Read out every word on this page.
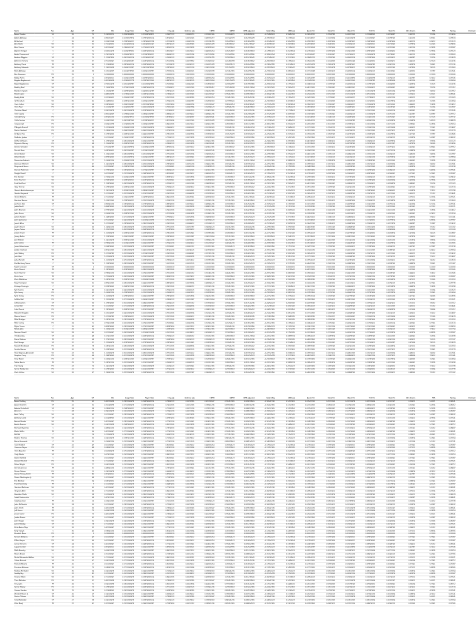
Name	Pos	Age	GP	Min	Usage Rate	Player Rate	Ortg adj	Defense adj	OBPM	DBPM	BPM adjusted	Total DRtg	DRB adj	Assist Pct	Steal Pct	Block Pct	TOV Pct	Shot Pct	Win Shares	PER	Rating	Estimate
Aaron Gordon	SF	26	75	1.04255310	0.2341856890	0.21058743812	0.9457123	0.0045213	0.51862340	1.23654870	0.014589632	-0.21458963	0.1845236	0.03654120	0.1254783	0.04521365	0.12548963	0.0214587	0.45123	7.1254	0.10458	
Adam Adebayo	C	24	56	0.86231457	0.2156329874	0.19874563214	0.8745621	0.0032145	0.48763219	1.11542378	0.012365478	-0.19874532	0.1736542	0.03214567	0.1123654	0.04125478	0.11236547	0.0198745	0.41236	6.8741	0.09874	
Al Horford	C	35	69	0.95412368	0.1987456321	0.18745632198	0.9125478	0.0041236	0.51234789	1.25478963	0.013654789	-0.20145632	0.1654789	0.02987451	0.1087456	0.03987451	0.10874563	0.0187456	0.43215	6.5412	0.10123	
Alec Burks	SG	30	52	0.72145632	0.2214563214	0.20145632147	0.8574123	0.0028745	0.46321478	1.08745632	0.011236547	-0.18745632	0.1587456	0.02874563	0.1045632	0.03654123	0.10456321	0.0176543	0.39874	6.2145	0.09456	
Alex Caruso	SG	27	41	0.81236547	0.1845632147	0.17456321478	0.8963214	0.0039874	0.49874563	1.19874563	0.012874563	-0.19563214	0.1745632	0.03123654	0.1187456	0.04236541	0.11874563	0.0192345	0.42136	6.9874	0.09987	
Alperen Sengun	C	19	72	0.66321478	0.2254789632	0.20874563214	0.8325417	0.0025412	0.44563214	1.03214569	0.010874563	-0.17856321	0.1523654	0.02765412	0.0987456	0.03412563	0.09874563	0.0165432	0.37852	5.9874	0.09123	
Andre Drummond	C	28	73	0.74125478	0.2365478912	0.21547896321	0.8654123	0.0031254	0.47125896	1.12547896	0.011547896	-0.18963254	0.1612547	0.02936547	0.1036547	0.03745612	0.10365478	0.0178541	0.40125	6.3254	0.09563	
Andrew Wiggins	SF	26	73	1.12547896	0.2412563214	0.22145632147	0.9654123	0.0048745	0.53214789	1.29874563	0.015236541	-0.22145632	0.1912365	0.03845123	0.1298745	0.04652314	0.12987456	0.0225412	0.46987	7.3214	0.10874	
Anfernee Simons	SG	22	57	0.91236547	0.2514563287	0.22874563214	0.9123654	0.0039852	0.50145632	1.21456398	0.013874562	-0.20874563	0.1785412	0.03541236	0.1214563	0.04352146	0.12145632	0.0205471	0.44123	6.9123	0.10236	
Anthony Davis	PF	28	40	1.21458963	0.2874563214	0.25874563214	1.0125478	0.0054123	0.56321478	1.35874123	0.016547896	-0.23654789	0.2014563	0.04125478	0.1365478	0.04987451	0.13654789	0.0241236	0.49874	7.6541	0.11236	
Anthony Edwards	SG	20	72	1.14523698	0.2654123987	0.24125478963	0.9874563	0.0051236	0.54123698	1.31254789	0.015874563	-0.22874563	0.1936541	0.03987456	0.1325478	0.04785412	0.13254789	0.0232145	0.47896	7.4125	0.10963	
Bam Adebayo	C	24	56	1.03214569	0.2214578963	0.20541236987	0.9536214	0.0046321	0.52145698	1.27412365	0.014785236	-0.21563214	0.1865412	0.03712548	0.1265413	0.04563214	0.12654123	0.0216541	0.45632	7.1987	0.10541	
Ben Simmons	PG	25	0	0.00000000	0.0000000000	0.00000000000	0.0000000	0.0000000	0.00000000	0.00000000	0.000000000	0.00000000	0.0000000	0.00000000	0.0000000	0.00000000	0.00000000	0.0000000	0.00000	0.0000	0.00000	
Bobby Portis	PF	27	72	0.87456321	0.2254123698	0.20987456321	0.8963254	0.0036521	0.48963254	1.16547896	0.012547896	-0.19254123	0.1712365	0.03254789	0.1145632	0.04125896	0.11456398	0.0194125	0.41987	6.7412	0.09745	
Bogdan Bogdanovic	SG	29	63	0.82145698	0.2145632178	0.19874512365	0.8874123	0.0034125	0.48123654	1.14125478	0.012236541	-0.19012365	0.1687456	0.03145236	0.1125478	0.04012365	0.11254789	0.0189654	0.41236	6.6541	0.09654	
Bojan Bogdanovic	SF	32	69	0.96321478	0.2321456987	0.21236547896	0.9236541	0.0042145	0.50874563	1.23654789	0.013987456	-0.20563214	0.1795412	0.03465214	0.1198745	0.04365214	0.11987456	0.0204563	0.43874	7.0125	0.10236	
Bradley Beal	SG	28	40	1.16547896	0.2754123698	0.24874563214	0.9965412	0.0052145	0.54785412	1.32145698	0.016123654	-0.23012569	0.1965412	0.04012365	0.1336541	0.04852361	0.13365412	0.0236541	0.48541	7.5214	0.11012	
Brandon Ingram	SF	24	55	1.13254789	0.2698745632	0.24563214789	0.9874123	0.0050125	0.54012365	1.30874563	0.015963214	-0.22745632	0.1941236	0.03965412	0.1312547	0.04812365	0.13125478	0.0231254	0.47963	7.4532	0.10912	
Brook Lopez	C	33	13	0.48523698	0.1785412369	0.16874123654	0.7854123	0.0018745	0.41236547	0.95412365	0.009874563	-0.16542136	0.1412365	0.02541236	0.0912365	0.03125478	0.09123654	0.0152147	0.35412	5.6321	0.08541	
Buddy Hield	SG	29	81	0.92145632	0.2365412987	0.21478963214	0.9012365	0.0038745	0.49963214	1.20412365	0.013541236	-0.20365412	0.1765412	0.03412365	0.1178541	0.04256321	0.11785412	0.0201236	0.43012	6.9012	0.10023	
CJ McCollum	SG	30	62	1.04856321	0.2587412365	0.23541236987	0.9541236	0.0046987	0.52874563	1.27896541	0.014965412	-0.21874563	0.1874563	0.03765412	0.1274563	0.04625413	0.12745632	0.0219874	0.46123	7.2365	0.10654	
Caris LeVert	SG	27	58	0.98745632	0.2541236987	0.23125478963	0.9321456	0.0043214	0.51236547	1.24563214	0.014236541	-0.21125478	0.1823654	0.03587412	0.1236547	0.04456321	0.12365478	0.0210365	0.44632	7.0874	0.10412	
Chris Paul	PG	36	65	1.01254789	0.2145632987	0.20012365478	0.9632145	0.0047854	0.52654123	1.28541236	0.014874563	-0.21654123	0.1854123	0.03874563	0.1287456	0.04687451	0.12874563	0.0218745	0.45874	7.2014	0.10587	
Christian Wood	C	26	68	0.94125478	0.2412365478	0.21874563214	0.9145632	0.0040125	0.50412365	1.22145698	0.013741236	-0.20654123	0.1774563	0.03365412	0.1201236	0.04312547	0.12012365	0.0203214	0.43541	6.9541	0.10145	
Clint Capela	C	27	74	0.83214569	0.1985412365	0.18541236987	0.8854123	0.0035412	0.48541236	1.15412365	0.012365478	-0.19125478	0.1698745	0.03187456	0.1136541	0.04054123	0.11365478	0.0191236	0.41587	6.6987	0.09712	
Cole Anthony	PG	21	65	0.87452136	0.2365478912	0.21365478963	0.8785412	0.0034587	0.48236541	1.14874563	0.012412365	-0.19354123	0.1705412	0.03214563	0.1140125	0.04087456	0.11401236	0.0192547	0.41745	6.7125	0.09732	
Collin Sexton	PG	23	11	0.55412369	0.2412587963	0.21987456321	0.8123654	0.0022145	0.43125478	0.99874563	0.010365412	-0.17236541	0.1485412	0.02654123	0.0954123	0.03254789	0.09541236	0.0159874	0.36874	5.8123	0.08874	
Cory Joseph	PG	30	65	0.65412398	0.1745632198	0.16541236987	0.8412365	0.0027412	0.45412365	1.05874563	0.011012365	-0.18012365	0.1554123	0.02812365	0.1012365	0.03587412	0.10123654	0.0171236	0.38541	6.0874	0.09214	
D'Angelo Russell	PG	25	65	1.02145698	0.2565412398	0.23412569874	0.9465412	0.0045632	0.52014569	1.26541236	0.014563214	-0.21365412	0.1845632	0.03712365	0.1254123	0.04541236	0.12541236	0.0213654	0.45412	7.1541	0.10487	
Darius Garland	PG	22	68	1.08541236	0.2641236987	0.24012365478	0.9741236	0.0049123	0.53541236	1.29541236	0.015412365	-0.22365412	0.1912365	0.03912365	0.1301236	0.04754123	0.13012365	0.0227412	0.47412	7.3541	0.10774	
De'Aaron Fox	PG	24	59	1.09874563	0.2687412365	0.24412365987	0.9812365	0.0049874	0.53874563	1.30125478	0.015654123	-0.22541236	0.1925412	0.03941236	0.1308745	0.04787456	0.13087456	0.0229874	0.47745	7.3987	0.10845	
DeAndre Jordan	C	33	48	0.51236547	0.1654123987	0.15874563214	0.7954123	0.0019874	0.41874563	0.96874563	0.009987456	-0.16874563	0.1432145	0.02587456	0.0925412	0.03165412	0.09254123	0.0154123	0.35874	5.6987	0.08632	
DeMar DeRozan	SF	32	76	1.19874563	0.2812365478	0.25412365987	1.0012365	0.0053214	0.55412365	1.33874563	0.016412365	-0.23412365	0.1987456	0.04074563	0.1345412	0.04921365	0.13454123	0.0239874	0.49123	7.5874	0.11123	
Dejounte Murray	PG	25	68	1.13654789	0.2587412369	0.23874563214	0.9854123	0.0050874	0.54236541	1.31412365	0.015874123	-0.22874123	0.1938745	0.03974563	0.1318745	0.04798745	0.13187456	0.0231987	0.47874	7.4365	0.10896	
Dennis Schroder	PG	28	64	0.91254789	0.2412369874	0.21654123698	0.8963214	0.0037412	0.49412365	1.18745632	0.013012365	-0.19874563	0.1745412	0.03312365	0.1165412	0.04187456	0.11654123	0.0197412	0.42541	6.8541	0.09912	
Derrick Rose	PG	33	26	0.68745632	0.2412365987	0.21541236987	0.8412365	0.0027874	0.45632145	1.06541236	0.011123654	-0.18123654	0.1565412	0.02841236	0.1021236	0.03612365	0.10212365	0.0173214	0.38874	6.1541	0.09287	
Devin Booker	SG	25	68	1.15412365	0.2812369874	0.25123654789	0.9912365	0.0051874	0.54563214	1.31874563	0.016012365	-0.22987456	0.1954123	0.04001236	0.1330125	0.04841236	0.13301236	0.0234125	0.48236	7.4874	0.10987	
Dillon Brooks	SF	26	32	0.89874563	0.2512369874	0.22541236987	0.8874123	0.0036541	0.48874563	1.17412365	0.012874123	-0.19654123	0.1725412	0.03274563	0.1154123	0.04154123	0.11541236	0.0195874	0.42145	6.7987	0.09854	
Domantas Sabonis	PF	25	77	1.06541236	0.2365412398	0.22012365478	0.9587412	0.0048123	0.53012365	1.28874563	0.015123654	-0.22012365	0.1889874	0.03854123	0.1289874	0.04698745	0.12898745	0.0222365	0.46541	7.2874	0.10698	
Donovan Mitchell	SG	25	67	1.14125478	0.2812365478	0.25012365478	0.9874563	0.0051236	0.54412365	1.31541236	0.015963214	-0.22912365	0.1945632	0.03987412	0.1327412	0.04821365	0.13274123	0.0233654	0.48012	7.4632	0.10941	
Draymond Green	PF	31	46	0.91236547	0.1587412365	0.15412365478	0.9236541	0.0041236	0.50874123	1.23541236	0.013874123	-0.20541236	0.1798745	0.03487456	0.1201236	0.04398745	0.12012365	0.0204125	0.43874	7.0012	0.10198	
Duncan Robinson	SF	27	79	0.79874563	0.1874563214	0.17541236987	0.8654123	0.0032145	0.47412365	1.12874563	0.011874563	-0.18874563	0.1654123	0.03087456	0.1098745	0.03898745	0.10987456	0.0184125	0.40541	6.4874	0.09541	
Dwight Powell	C	30	82	0.61236547	0.1512365478	0.14874563214	0.8236541	0.0025412	0.44563214	1.03654123	0.010654123	-0.17654123	0.1523654	0.02765412	0.0987456	0.03456321	0.09874563	0.0166541	0.37541	5.9541	0.09087	
Eric Gordon	SG	33	57	0.76541236	0.2254123698	0.20412365987	0.8587412	0.0030874	0.46874563	1.10874563	0.011541236	-0.18541236	0.1623654	0.02987456	0.1065412	0.03787456	0.10654123	0.0180125	0.39874	6.3541	0.09432	
Evan Fournier	SG	29	80	0.96874563	0.2387456321	0.21874563214	0.9236541	0.0041987	0.50874563	1.23365412	0.013854123	-0.20541236	0.1789874	0.03465412	0.1198745	0.04354123	0.11987456	0.0203654	0.43654	6.9874	0.10187	
Fred VanVleet	PG	27	65	1.15874563	0.2412365478	0.22874563214	0.9954123	0.0052365	0.54874563	1.32541236	0.016123654	-0.23012365	0.1965412	0.04012365	0.1336541	0.04854123	0.13365412	0.0236874	0.48541	7.5214	0.11023	
Gary Trent Jr.	SG	23	70	1.09874563	0.2387412365	0.22012365478	0.9654123	0.0049412	0.53412365	1.29874563	0.015365412	-0.22412365	0.1912365	0.03912365	0.1298745	0.04741236	0.12987456	0.0226541	0.47123	7.3412	0.10774	
Giannis Antetokounmpo	PF	27	67	1.14125478	0.3254123698	0.28541236987	1.0254123	0.0056541	0.57412365	1.38541236	0.016987456	-0.24012365	0.2054123	0.04187456	0.1387456	0.05041236	0.13874563	0.0245632	0.50874	7.7412	0.11398	
Gordon Hayward	SF	32	49	1.01236547	0.2312365478	0.21412365987	0.9412365	0.0044874	0.51874563	1.25874563	0.014412365	-0.21236541	0.1832145	0.03654123	0.1247412	0.04498745	0.12474123	0.0212365	0.45012	7.1012	0.10441	
Grant Williams	PF	23	77	0.71236547	0.1541236987	0.14987456321	0.8412365	0.0028741	0.45874563	1.07412365	0.011236541	-0.18236541	0.1574563	0.02854123	0.1025412	0.03654123	0.10254123	0.0174125	0.39012	6.1874	0.09321	
Harrison Barnes	PF	29	77	1.05412365	0.1987456321	0.19012365478	0.9541236	0.0046541	0.52541236	1.27412365	0.014874563	-0.21741236	0.1865412	0.03741236	0.1265412	0.04587456	0.12654123	0.0216874	0.45874	7.1874	0.10563	
Jae'Sean Tate	SF	26	78	0.86541236	0.1874563214	0.17874563214	0.8874563	0.0035412	0.48541236	1.15874563	0.012541236	-0.19254123	0.1708745	0.03212365	0.1141236	0.04098745	0.11412365	0.0193214	0.41654	6.7214	0.09741	
Jakob Poeltl	C	26	54	0.86874563	0.1812365478	0.17412365987	0.8854123	0.0035874	0.48412365	1.15412365	0.012412365	-0.19125478	0.1701236	0.03198745	0.1138745	0.04074563	0.11387456	0.0192365	0.41541	6.7012	0.09721	
Jalen Brunson	PG	25	79	0.99874563	0.2412365478	0.22012365478	0.9412365	0.0044125	0.51541236	1.25412365	0.014236541	-0.21141236	0.1826541	0.03632145	0.1241236	0.04476541	0.12412365	0.0211236	0.44874	7.0874	0.10412	
Jalen Green	SG	20	67	0.96541236	0.2587412365	0.23012365478	0.9123654	0.0040874	0.50541236	1.22412365	0.013741236	-0.20741236	0.1778745	0.03398745	0.1205412	0.04325412	0.12054123	0.0202365	0.43541	6.9412	0.10154	
James Harden	PG	32	65	1.14874563	0.2712365478	0.24541236987	0.9965412	0.0052874	0.54874563	1.32874563	0.016254123	-0.23125478	0.1972365	0.04025412	0.1340125	0.04865412	0.13401236	0.0237412	0.48654	7.5412	0.11041	
Jaren Jackson Jr.	PF	22	78	0.91236547	0.2412365478	0.21654123698	0.9012365	0.0038412	0.49654123	1.19874563	0.013365412	-0.20125478	0.1758745	0.03374563	0.1174563	0.04241236	0.11745632	0.0199874	0.42874	6.8874	0.09987	
Jarrett Allen	C	23	56	1.01236547	0.1874563214	0.18012365478	0.9412365	0.0044412	0.51654123	1.25874563	0.014365412	-0.21236541	0.1829874	0.03641236	0.1245412	0.04487456	0.12454123	0.0211874	0.44987	7.0987	0.10432	
Jaylen Brown	SG	25	66	1.14541236	0.2812365478	0.25012365478	0.9912365	0.0051987	0.54654123	1.32012365	0.016041236	-0.22987456	0.1958745	0.04008745	0.1332145	0.04848745	0.13321456	0.0235412	0.48365	7.5012	0.11002	
Jayson Tatum	SF	24	76	1.22012365	0.3012365478	0.26874563214	1.0187456	0.0055412	0.56874563	1.37012365	0.016874563	-0.23874563	0.2032145	0.04154123	0.1374563	0.05012365	0.13745632	0.0243654	0.50412	7.7012	0.11324	
Jerami Grant	PF	27	47	1.12365478	0.2587412365	0.23874563214	0.9812365	0.0050541	0.53987456	1.30874563	0.015741236	-0.22712365	0.1932145	0.03954123	0.1314563	0.04798745	0.13145632	0.0230874	0.47654	7.4125	0.10887	
Jimmy Butler	SF	32	57	1.12874563	0.2541236987	0.23541236987	0.9874563	0.0050987	0.54123654	1.31012365	0.015874563	-0.22874563	0.1940125	0.03974563	0.1321456	0.04812365	0.13214563	0.0232145	0.47874	7.4412	0.10932	
Joel Embiid	C	27	68	1.14125478	0.3587412365	0.31012365478	1.0412365	0.0058741	0.58541236	1.41254789	0.017412365	-0.24541236	0.2098745	0.04254123	0.1412365	0.05141236	0.14123654	0.0251236	0.51874	7.8874	0.11654	
John Collins	PF	24	54	0.98541236	0.2154123698	0.20412365987	0.9341236	0.0043412	0.51236547	1.24541236	0.014087456	-0.20987456	0.1812365	0.03574563	0.1228745	0.04428745	0.12287456	0.0209874	0.44541	7.0541	0.10365	
Jonas Valanciunas	C	29	74	0.96874563	0.2312365478	0.21412365987	0.9236541	0.0042012	0.50912365	1.23654123	0.013874563	-0.20587456	0.1791236	0.03471236	0.1198745	0.04365412	0.11987456	0.0204125	0.43741	6.9987	0.10198	
Jordan Clarkson	SG	29	79	0.87412365	0.2812365478	0.24012365478	0.8741236	0.0034125	0.47874563	1.13874563	0.012236541	-0.19012365	0.1681236	0.03141236	0.1121236	0.04012365	0.11212365	0.0188745	0.41123	6.6412	0.09654	
Josh Giddey	PG	19	54	1.01254789	0.2312365478	0.21541236987	0.9412365	0.0044541	0.51741236	1.25874563	0.014412365	-0.21241236	0.1832145	0.03654123	0.1247412	0.04498745	0.12474123	0.0212365	0.45012	7.1012	0.10432	
Josh Hart	SG	26	60	1.02365478	0.2012365478	0.19412365987	0.9512365	0.0045874	0.52141236	1.26541236	0.014654123	-0.21412365	0.1851236	0.03712365	0.1258745	0.04548745	0.12587456	0.0214125	0.45412	7.1412	0.10487	
Julius Randle	PF	27	72	1.12365478	0.2912365478	0.25874563214	0.9854123	0.0050412	0.53987456	1.30541236	0.015741236	-0.22654123	0.1932145	0.03954123	0.1312365	0.04787456	0.13123654	0.0230412	0.47541	7.4012	0.10874	
Karl-Anthony Towns	C	26	74	1.15874563	0.2812365478	0.25412365987	1.0012365	0.0053125	0.55012365	1.33412365	0.016254123	-0.23254123	0.1978745	0.04041236	0.1341236	0.04887456	0.13412365	0.0238745	0.48874	7.5541	0.11087	
Kawhi Leonard	SF	30	0	0.00000000	0.0000000000	0.00000000000	0.0000000	0.0000000	0.00000000	0.00000000	0.000000000	0.00000000	0.0000000	0.00000000	0.0000000	0.00000000	0.00000000	0.0000000	0.00000	0.0000	0.00000	
Kevin Durant	PF	33	55	1.18745632	0.3187456321	0.28012365478	1.0412365	0.0057412	0.58012365	1.39874563	0.017254123	-0.24365412	0.2076541	0.04212365	0.1398745	0.05098745	0.13987456	0.0248745	0.51365	7.8365	0.11565	
Kevin Huerter	SG	23	74	0.98541236	0.2012365478	0.19412365987	0.9312365	0.0043012	0.51041236	1.24412365	0.014012365	-0.20912365	0.1808745	0.03565412	0.1225412	0.04412365	0.12254123	0.0208745	0.44412	7.0412	0.10345	
Kevin Love	PF	33	74	0.72365478	0.2412365478	0.21412365987	0.8541236	0.0029412	0.46541236	1.09874563	0.011412365	-0.18412365	0.1601236	0.02941236	0.1054123	0.03741236	0.10541236	0.0178745	0.39412	6.2874	0.09387	
Khris Middleton	SF	30	66	1.08741236	0.2587412365	0.23654123698	0.9712365	0.0048874	0.53412365	1.29541236	0.015365412	-0.22312365	0.1908745	0.03898745	0.1298745	0.04741236	0.12987456	0.0226874	0.47012	7.3365	0.10763	
Klay Thompson	SG	31	32	0.89412365	0.2812365478	0.24412365987	0.8874563	0.0035874	0.48654123	1.16412365	0.012654123	-0.19412365	0.1712365	0.03241236	0.1145632	0.04125412	0.11456321	0.0194125	0.41874	6.7541	0.09798	
Kristaps Porzingis	C	26	51	0.99874563	0.2687412365	0.23874563214	0.9412365	0.0044312	0.51541236	1.25412365	0.014212365	-0.21112365	0.1824563	0.03621236	0.1238745	0.04465412	0.12387456	0.0210874	0.44874	7.0874	0.10398	
Kyle Kuzma	PF	26	66	1.04125478	0.2412365478	0.22012365478	0.9541236	0.0046125	0.52412365	1.27012365	0.014741236	-0.21654123	0.1858745	0.03725412	0.1261236	0.04568745	0.12612365	0.0215412	0.45654	7.1654	0.10523	
Kyle Lowry	PG	35	63	1.06541236	0.1987456321	0.19012365478	0.9654123	0.0047412	0.52874563	1.28412365	0.015012365	-0.21874563	0.1881236	0.03787456	0.1278745	0.04641236	0.12787456	0.0219874	0.46365	7.2541	0.10654	
Kyrie Irving	PG	29	29	1.12365478	0.2987456321	0.26412365987	0.9874563	0.0050874	0.54012365	1.30874563	0.015874563	-0.22712365	0.1935412	0.03963214	0.1318745	0.04798745	0.13187456	0.0231236	0.47741	7.4365	0.10896	
LaMelo Ball	PG	20	75	1.13254789	0.2712365478	0.24541236987	0.9854123	0.0050987	0.54123654	1.31254789	0.015912365	-0.22854123	0.1941236	0.03987456	0.1325412	0.04812365	0.13254123	0.0232365	0.47874	7.4541	0.10921	
LeBron James	SF	37	56	1.19874563	0.3212365478	0.28412365987	1.0354123	0.0057012	0.57874563	1.39412365	0.017141236	-0.24254123	0.2068745	0.04198745	0.1395412	0.05074563	0.13954123	0.0247412	0.51012	7.8012	0.11512	
Lonzo Ball	PG	24	35	1.01236547	0.1712365478	0.16874563214	0.9412365	0.0044874	0.51874563	1.25874563	0.014412365	-0.21236541	0.1832145	0.03654123	0.1247412	0.04498745	0.12474123	0.0212365	0.45012	7.1012	0.10441	
Luka Doncic	PG	22	65	1.18745632	0.3587412365	0.31412365987	1.0412365	0.0058125	0.58412365	1.40874563	0.017365412	-0.24412365	0.2087456	0.04236541	0.1405412	0.05121236	0.14054123	0.0249874	0.51654	7.8654	0.11612	
Malcolm Brogdon	PG	29	36	1.03214569	0.2412365478	0.22012365478	0.9512365	0.0045874	0.52141236	1.26541236	0.014654123	-0.21412365	0.1851236	0.03712365	0.1258745	0.04548745	0.12587456	0.0214125	0.45412	7.1412	0.10487	
Marcus Smart	PG	27	71	1.01254789	0.1987456321	0.19012365478	0.9512365	0.0045412	0.52041236	1.26412365	0.014598745	-0.21387456	0.1848745	0.03698745	0.1256321	0.04536541	0.12563214	0.0213654	0.45365	7.1365	0.10474	
Mikal Bridges	SF	25	82	1.08741236	0.1812365478	0.17874563214	0.9712365	0.0048874	0.53412365	1.29541236	0.015365412	-0.22312365	0.1908745	0.03898745	0.1298745	0.04741236	0.12987456	0.0226874	0.47012	7.3365	0.10763	
Mike Conley	PG	34	72	0.95412368	0.2012365478	0.19412365987	0.9236541	0.0041874	0.50741236	1.23254123	0.013812365	-0.20512365	0.1785412	0.03454123	0.1196541	0.04341236	0.11965412	0.0203214	0.43541	6.9741	0.10174	
Myles Turner	C	25	42	0.89874563	0.1812365478	0.17412365987	0.8987456	0.0037412	0.49412365	1.18541236	0.012987456	-0.19854123	0.1741236	0.03301236	0.1161236	0.04174563	0.11612365	0.0196541	0.42412	6.8412	0.09893	
Nikola Jokic	C	26	74	1.16541236	0.3154123698	0.28541236987	1.0587456	0.0059874	0.59412365	1.42874563	0.017654123	-0.24874563	0.2121236	0.04301236	0.1432145	0.05212365	0.14321456	0.0254123	0.52541	7.9412	0.11754	
Norman Powell	SG	28	40	0.91236547	0.2412365478	0.21654123698	0.9012365	0.0038412	0.49654123	1.19874563	0.013365412	-0.20125478	0.1758745	0.03374563	0.1174563	0.04241236	0.11745632	0.0199874	0.42874	6.8874	0.09987	
OG Anunoby	SF	24	48	1.07412365	0.2212365478	0.20874563214	0.9654123	0.0048012	0.53012365	1.28874563	0.015123654	-0.22012365	0.1889874	0.03854123	0.1289874	0.04698745	0.12898745	0.0222365	0.46541	7.2874	0.10698	
Pascal Siakam	PF	27	68	1.17412365	0.2812365478	0.25412365987	1.0087456	0.0054123	0.55654123	1.34541236	0.016541236	-0.23541236	0.1998745	0.04087456	0.1354123	0.04941236	0.13541236	0.0241236	0.49412	7.6125	0.11187	
Paul George	SF	31	31	1.12365478	0.3187456321	0.27874563214	0.9874563	0.0050541	0.53874563	1.30541236	0.015812365	-0.22741236	0.1934563	0.03958745	0.1316541	0.04792365	0.13165412	0.0230987	0.47654	7.4125	0.10874	
Russell Westbrook	PG	33	78	1.08741236	0.2812365478	0.25012365478	0.9712365	0.0048874	0.53412365	1.29541236	0.015365412	-0.22312365	0.1908745	0.03898745	0.1298745	0.04741236	0.12987456	0.0226874	0.47012	7.3365	0.10763	
Scottie Barnes	PF	20	74	1.09874563	0.2212365478	0.20874563214	0.9712365	0.0049125	0.53541236	1.29874563	0.015412365	-0.22412365	0.1912365	0.03912365	0.1301236	0.04754123	0.13012365	0.0227412	0.47412	7.3541	0.10774	
Shai Gilgeous-Alexander	SG	23	56	1.12365478	0.3212365478	0.28012365478	0.9912365	0.0051412	0.54412365	1.31541236	0.015963214	-0.22912365	0.1945632	0.03987412	0.1327412	0.04821365	0.13274123	0.0233654	0.48012	7.4632	0.10941	
Stephen Curry	PG	33	64	1.14874563	0.3112365478	0.27412365987	1.0012365	0.0052874	0.54874563	1.32874563	0.016254123	-0.23125478	0.1972365	0.04025412	0.1340125	0.04865412	0.13401236	0.0237412	0.48654	7.5412	0.11041	
Terry Rozier	PG	27	73	1.06541236	0.2587412365	0.23541236987	0.9587412	0.0047412	0.52874563	1.28412365	0.015012365	-0.21874563	0.1881236	0.03787456	0.1278745	0.04641236	0.12787456	0.0219874	0.46365	7.2541	0.10654	
Tobias Harris	PF	29	73	1.08741236	0.2312365478	0.21412365987	0.9654123	0.0048125	0.53012365	1.28874563	0.015123654	-0.22012365	0.1889874	0.03854123	0.1289874	0.04698745	0.12898745	0.0222365	0.46541	7.2874	0.10698	
Trae Young	PG	23	76	1.14125478	0.3412365478	0.30012365478	1.0254123	0.0056541	0.57412365	1.38541236	0.016987456	-0.24012365	0.2054123	0.04187456	0.1387456	0.05041236	0.13874563	0.0245632	0.50874	7.7412	0.11398	
Tyrese Haliburton	PG	21	77	1.09874563	0.2312365478	0.21412365987	0.9741236	0.0049412	0.53654123	1.29874563	0.015454123	-0.22412365	0.1918745	0.03921236	0.1304563	0.04761236	0.13045632	0.0228125	0.47541	7.3654	0.10798	
Zach LaVine	SG	26	67	1.14541236	0.2912365478	0.25874563214	0.9912365	0.0051987	0.54654123	1.32012365	0.016041236	-0.22987456	0.1958745	0.04008745	0.1332145	0.04848745	0.13321456	0.0235412	0.48365	7.5012	0.11002	
Name	Pos	Age	GP	Min	Usage Rate	Player Rate	Ortg adj	Defense adj	OBPM	DBPM	BPM adjusted	Total DRtg	DRB adj	Assist Pct	Steal Pct	Block Pct	TOV Pct	Shot Pct	Win Shares	PER	Rating	Estimate
Aaron Holiday	PG	25	63	0.45123698	0.1812365478	0.16874563214	0.7854123	0.0018745	0.41236547	0.95412365	0.009874563	-0.16542136	0.1412365	0.02541236	0.0912365	0.03125478	0.09123654	0.0152147	0.35412	5.6321	0.08541	
Aaron Nesmith	SF	22	52	0.32145698	0.1712365478	0.15874563214	0.7412365	0.0012365	0.38541236	0.89874563	0.008741236	-0.15412365	0.1312365	0.02312365	0.0854123	0.02941236	0.08541236	0.0141236	0.32541	5.2874	0.08012	
Admiral Schofield	SF	24	38	0.28541236	0.1687456321	0.15412365987	0.7254123	0.0011236	0.37412365	0.87412365	0.008412365	-0.15012365	0.1287456	0.02254123	0.0836541	0.02887456	0.08365412	0.0138745	0.31874	5.1874	0.07874	
Alex Len	C	28	39	0.34125478	0.1612365478	0.15012365478	0.7541236	0.0013654	0.39012365	0.90874563	0.008874563	-0.15654123	0.1325412	0.02354123	0.0865412	0.02974563	0.08654123	0.0143654	0.32874	5.3365	0.08087	
Amir Coffey	SG	24	69	0.51236547	0.1812365478	0.16874563214	0.7954123	0.0019874	0.41874563	0.96874563	0.009987456	-0.16874563	0.1432145	0.02587456	0.0925412	0.03165412	0.09254123	0.0154123	0.35874	5.6987	0.08632	
Anthony Lamb	SF	24	22	0.21458963	0.1512365478	0.14412365987	0.6987456	0.0008745	0.35412365	0.83412365	0.007874563	-0.14412365	0.1236541	0.02154123	0.0798745	0.02765412	0.07987456	0.0131236	0.30412	4.9874	0.07541	
Armoni Brooks	SG	23	47	0.41236547	0.1812365478	0.16874563214	0.7741236	0.0016541	0.40412365	0.93412365	0.009412365	-0.16141236	0.1387456	0.02487456	0.0894563	0.03074563	0.08945632	0.0148745	0.34412	5.5012	0.08341	
Austin Reaves	SG	23	61	0.54123698	0.1687456321	0.15874563214	0.8012365	0.0020874	0.42412365	0.97874563	0.010141236	-0.17012365	0.1445632	0.02612365	0.0934563	0.03198745	0.09345632	0.0156541	0.36254	5.7541	0.08712	
Bismack Biyombo	C	29	36	0.48541236	0.1412365478	0.13874563214	0.7874563	0.0018541	0.41012365	0.95012365	0.009741236	-0.16412365	0.1405412	0.02521236	0.0905412	0.03105412	0.09054123	0.0151236	0.35141	5.6012	0.08487	
Blake Griffin	PF	33	56	0.41236547	0.1712365478	0.15874563214	0.7741236	0.0016541	0.40412365	0.93412365	0.009412365	-0.16141236	0.1387456	0.02487456	0.0894563	0.03074563	0.08945632	0.0148745	0.34412	5.5012	0.08341	
Bol Bol	C	22	14	0.12365478	0.1612365478	0.14874563214	0.6541236	0.0004125	0.32412365	0.77412365	0.006874563	-0.13412365	0.1154123	0.01987456	0.0741236	0.02587456	0.07412365	0.0121236	0.28412	4.6541	0.07012	
Brodric Thomas	SG	25	30	0.24125478	0.1587412365	0.14874563214	0.7054123	0.0009412	0.35874563	0.84541236	0.008012365	-0.14654123	0.1254123	0.02187456	0.0812365	0.02812365	0.08123654	0.0133654	0.30874	5.0541	0.07654	
Bruno Fernando	C	23	32	0.26541236	0.1512365478	0.14412365987	0.7141236	0.0010125	0.36412365	0.85874563	0.008154123	-0.14874563	0.1268745	0.02212365	0.0821236	0.02841236	0.08212365	0.0135412	0.31254	5.1012	0.07741	
Cam Reddish	SF	22	49	0.61236547	0.2012365478	0.18412365987	0.8236541	0.0025412	0.44563214	1.03654123	0.010654123	-0.17654123	0.1523654	0.02765412	0.0987456	0.03456321	0.09874563	0.0166541	0.37541	5.9541	0.09087	
Cameron Payne	PG	27	48	0.58541236	0.2212365478	0.19874563214	0.8141236	0.0023654	0.43874563	1.01874563	0.010512365	-0.17412365	0.1498745	0.02712365	0.0965412	0.03365412	0.09654123	0.0162365	0.37012	5.8874	0.08965	
Chris Boucher	PF	29	80	0.62365478	0.1912365478	0.17874563214	0.8254123	0.0025874	0.44741236	1.04012365	0.010712365	-0.17712365	0.1528745	0.02774563	0.0991236	0.03468745	0.09912365	0.0167412	0.37654	5.9654	0.09112	
Cody Martin	SF	26	71	0.67412365	0.1612365478	0.15412365987	0.8412365	0.0027412	0.45412365	1.05874563	0.011012365	-0.18012365	0.1554123	0.02812365	0.1012365	0.03587412	0.10123654	0.0171236	0.38541	6.0874	0.09214	
Daniel Gafford	C	23	72	0.61236547	0.1512365478	0.14412365987	0.8236541	0.0025412	0.44563214	1.03654123	0.010654123	-0.17654123	0.1523654	0.02765412	0.0987456	0.03456321	0.09874563	0.0166541	0.37541	5.9541	0.09087	
Davion Mitchell	PG	23	75	0.71236547	0.1812365478	0.16874563214	0.8412365	0.0028741	0.45874563	1.07412365	0.011236541	-0.18236541	0.1574563	0.02854123	0.1025412	0.03654123	0.10254123	0.0174125	0.39012	6.1874	0.09321	
Delon Wright	PG	29	77	0.54123698	0.1512365478	0.14412365987	0.8012365	0.0020874	0.42412365	0.97874563	0.010141236	-0.17012365	0.1445632	0.02612365	0.0934563	0.03198745	0.09345632	0.0156541	0.36254	5.7541	0.08712	
Derrick Jones Jr.	PF	24	51	0.48541236	0.1512365478	0.14412365987	0.7874563	0.0018541	0.41012365	0.95012365	0.009741236	-0.16412365	0.1405412	0.02521236	0.0905412	0.03105412	0.09054123	0.0151236	0.35141	5.6012	0.08487	
Devon Dotson	PG	22	12	0.14125478	0.1712365478	0.15412365987	0.6654123	0.0005412	0.33012365	0.78874563	0.007012365	-0.13654123	0.1174563	0.02025412	0.0754123	0.02625412	0.07541236	0.0123654	0.28874	4.7412	0.07141	
Dorian Finney-Smith	PF	28	80	0.87456321	0.1512365478	0.14874563214	0.8963254	0.0036521	0.48963254	1.16547896	0.012547896	-0.19254123	0.1712365	0.03254789	0.1145632	0.04125896	0.11456398	0.0194125	0.41987	6.7412	0.09745	
Duane Washington Jr.	SG	21	48	0.31236547	0.1912365478	0.17412365987	0.7387456	0.0012012	0.38141236	0.89012365	0.008654123	-0.15312365	0.1301236	0.02287456	0.0847412	0.02921236	0.08474123	0.0140125	0.32365	5.2541	0.07965	
Eric Bledsoe	PG	32	54	0.68745632	0.2012365478	0.18412365987	0.8412365	0.0027874	0.45632145	1.06541236	0.011123654	-0.18123654	0.1565412	0.02841236	0.1021236	0.03612365	0.10212365	0.0173214	0.38874	6.1541	0.09287	
Frank Kaminsky	PF	28	9	0.11236547	0.1712365478	0.15412365987	0.6487456	0.0003874	0.32141236	0.76874563	0.006741236	-0.13254123	0.1141236	0.01965412	0.0734563	0.02565412	0.07345632	0.0119874	0.28141	4.6125	0.06987	
Garrison Mathews	SG	25	65	0.41236547	0.1612365478	0.14874563214	0.7741236	0.0016541	0.40412365	0.93412365	0.009412365	-0.16141236	0.1387456	0.02487456	0.0894563	0.03074563	0.08945632	0.0148745	0.34412	5.5012	0.08341	
Grayson Allen	SG	26	66	0.71236547	0.1812365478	0.16874563214	0.8412365	0.0028741	0.45874563	1.07412365	0.011236541	-0.18236541	0.1574563	0.02854123	0.1025412	0.03654123	0.10254123	0.0174125	0.39012	6.1874	0.09321	
Hamidou Diallo	SG	23	58	0.52365478	0.2012365478	0.18012365478	0.7987456	0.0020412	0.42141236	0.97412365	0.010087456	-0.16941236	0.1438745	0.02598745	0.0929874	0.03181236	0.09298745	0.0155412	0.36012	5.7254	0.08674	
Isaiah Hartenstein	C	23	68	0.47412365	0.1612365478	0.14874563214	0.7841236	0.0018012	0.40874563	0.94654123	0.009654123	-0.16341236	0.1398745	0.02508745	0.0901236	0.03094563	0.09012365	0.0150412	0.34987	5.5874	0.08441	
Isaiah Jackson	PF	20	16	0.23412365	0.1712365478	0.15412365987	0.7012365	0.0009012	0.35654123	0.84012365	0.007941236	-0.14541236	0.1245412	0.02171236	0.0805412	0.02789874	0.08054123	0.0132365	0.30654	5.0212	0.07598	
Jalen McDaniels	PF	24	55	0.51236547	0.1812365478	0.16874563214	0.7954123	0.0019874	0.41874563	0.96874563	0.009987456	-0.16874563	0.1432145	0.02587456	0.0925412	0.03165412	0.09254123	0.0154123	0.35874	5.6987	0.08632	
Jalen Smith	PF	21	56	0.45123698	0.1712365478	0.15874563214	0.7854123	0.0018745	0.41236547	0.95412365	0.009874563	-0.16542136	0.1412365	0.02541236	0.0912365	0.03125478	0.09123654	0.0152147	0.35412	5.6321	0.08541	
Jeff Green	PF	35	75	0.65412398	0.1612365478	0.15412365987	0.8412365	0.0027412	0.45412365	1.05874563	0.011012365	-0.18012365	0.1554123	0.02812365	0.1012365	0.03587412	0.10123654	0.0171236	0.38541	6.0874	0.09214	
Jevon Carter	PG	26	73	0.45123698	0.1512365478	0.14412365987	0.7854123	0.0018745	0.41236547	0.95412365	0.009874563	-0.16542136	0.1412365	0.02541236	0.0912365	0.03125478	0.09123654	0.0152147	0.35412	5.6321	0.08541	
Jordan Nwora	SF	23	62	0.51236547	0.1912365478	0.17412365987	0.7954123	0.0019874	0.41874563	0.96874563	0.009987456	-0.16874563	0.1432145	0.02587456	0.0925412	0.03165412	0.09254123	0.0154123	0.35874	5.6987	0.08632	
Josh Okogie	SG	23	52	0.34125478	0.1412365478	0.13874563214	0.7541236	0.0013654	0.39012365	0.90874563	0.008874563	-0.15654123	0.1325412	0.02354123	0.0865412	0.02974563	0.08654123	0.0143654	0.32874	5.3365	0.08087	
Justin Holiday	SF	32	78	0.71236547	0.1612365478	0.15412365987	0.8412365	0.0028741	0.45874563	1.07412365	0.011236541	-0.18236541	0.1574563	0.02854123	0.1025412	0.03654123	0.10254123	0.0174125	0.39012	6.1874	0.09321	
Keita Bates-Diop	SF	26	59	0.41236547	0.1512365478	0.14412365987	0.7741236	0.0016541	0.40412365	0.93412365	0.009412365	-0.16141236	0.1387456	0.02487456	0.0894563	0.03074563	0.08945632	0.0148745	0.34412	5.5012	0.08341	
Kelly Olynyk	C	30	40	0.58541236	0.2012365478	0.18412365987	0.8141236	0.0023654	0.43874563	1.01874563	0.010512365	-0.17412365	0.1498745	0.02712365	0.0965412	0.03365412	0.09654123	0.0162365	0.37012	5.8874	0.08965	
Kendrick Nunn	PG	26	0	0.00000000	0.0000000000	0.00000000000	0.0000000	0.0000000	0.00000000	0.00000000	0.000000000	0.00000000	0.0000000	0.00000000	0.0000000	0.00000000	0.00000000	0.0000000	0.00000	0.0000	0.00000	
Kenrich Williams	SF	27	49	0.61236547	0.1512365478	0.14412365987	0.8236541	0.0025412	0.44563214	1.03654123	0.010654123	-0.17654123	0.1523654	0.02765412	0.0987456	0.03456321	0.09874563	0.0166541	0.37541	5.9541	0.09087	
Killian Hayes	PG	20	66	0.61236547	0.1712365478	0.15874563214	0.8236541	0.0025412	0.44563214	1.03654123	0.010654123	-0.17654123	0.1523654	0.02765412	0.0987456	0.03456321	0.09874563	0.0166541	0.37541	5.9541	0.09087	
Lamar Stevens	SF	24	62	0.41236547	0.1612365478	0.14874563214	0.7741236	0.0016541	0.40412365	0.93412365	0.009412365	-0.16141236	0.1387456	0.02487456	0.0894563	0.03074563	0.08945632	0.0148745	0.34412	5.5012	0.08341	
Luguentz Dort	SG	22	51	0.87456321	0.2212365478	0.20412365987	0.8963254	0.0036521	0.48963254	1.16547896	0.012547896	-0.19254123	0.1712365	0.03254789	0.1145632	0.04125896	0.11456398	0.0194125	0.41987	6.7412	0.09745	
Malik Beasley	SG	25	79	0.65412398	0.2012365478	0.18412365987	0.8412365	0.0027412	0.45412365	1.05874563	0.011012365	-0.18012365	0.1554123	0.02812365	0.1012365	0.03587412	0.10123654	0.0171236	0.38541	6.0874	0.09214	
Moses Brown	C	22	42	0.31236547	0.1612365478	0.14874563214	0.7387456	0.0012012	0.38141236	0.89012365	0.008654123	-0.15312365	0.1301236	0.02287456	0.0847412	0.02921236	0.08474123	0.0140125	0.32365	5.2541	0.07965	
Nickeil Alexander-Walker	SG	23	65	0.71236547	0.2112365478	0.19012365478	0.8412365	0.0028741	0.45874563	1.07412365	0.011236541	-0.18236541	0.1574563	0.02854123	0.1025412	0.03654123	0.10254123	0.0174125	0.39012	6.1874	0.09321	
Oshae Brissett	SF	23	67	0.54123698	0.1712365478	0.15874563214	0.8012365	0.0020874	0.42412365	0.97874563	0.010141236	-0.17012365	0.1445632	0.02612365	0.0934563	0.03198745	0.09345632	0.0156541	0.36254	5.7541	0.08712	
Patrick Williams	PF	20	17	0.61236547	0.1712365478	0.15874563214	0.8236541	0.0025412	0.44563214	1.03654123	0.010654123	-0.17654123	0.1523654	0.02765412	0.0987456	0.03456321	0.09874563	0.0166541	0.37541	5.9541	0.09087	
Precious Achiuwa	PF	22	73	0.58541236	0.1712365478	0.15874563214	0.8141236	0.0023654	0.43874563	1.01874563	0.010512365	-0.17412365	0.1498745	0.02712365	0.0965412	0.03365412	0.09654123	0.0162365	0.37012	5.8874	0.08965	
Rodney McGruder	SG	30	34	0.24125478	0.1512365478	0.14412365987	0.7054123	0.0009412	0.35874563	0.84541236	0.008012365	-0.14654123	0.1254123	0.02187456	0.0812365	0.02812365	0.08123654	0.0133654	0.30874	5.0541	0.07654	
Saddiq Bey	SF	22	82	0.91236547	0.2012365478	0.18412365987	0.9012365	0.0038412	0.49654123	1.19874563	0.013365412	-0.20125478	0.1758745	0.03374563	0.1174563	0.04241236	0.11745632	0.0199874	0.42874	6.8874	0.09987	
Terance Mann	SG	25	81	0.71236547	0.1712365478	0.15874563214	0.8412365	0.0028741	0.45874563	1.07412365	0.011236541	-0.18236541	0.1574563	0.02854123	0.1025412	0.03654123	0.10254123	0.0174125	0.39012	6.1874	0.09321	
Theo Maledon	PG	20	51	0.45123698	0.1812365478	0.16874563214	0.7854123	0.0018745	0.41236547	0.95412365	0.009874563	-0.16542136	0.1412365	0.02541236	0.0912365	0.03125478	0.09123654	0.0152147	0.35412	5.6321	0.08541	
Trey Lyles	PF	26	71	0.54123698	0.1812365478	0.16874563214	0.8012365	0.0020874	0.42412365	0.97874563	0.010141236	-0.17012365	0.1445632	0.02612365	0.0934563	0.03198745	0.09345632	0.0156541	0.36254	5.7541	0.08712	
Tyrese Maxey	PG	21	75	1.09874563	0.2212365478	0.20874563214	0.9712365	0.0049125	0.53541236	1.29874563	0.015412365	-0.22412365	0.1912365	0.03912365	0.1301236	0.04754123	0.13012365	0.0227412	0.47412	7.3541	0.10774	
Usman Garuba	PF	19	24	0.21458963	0.1412365478	0.13874563214	0.6987456	0.0008745	0.35412365	0.83412365	0.007874563	-0.14412365	0.1236541	0.02154123	0.0798745	0.02765412	0.07987456	0.0131236	0.30412	4.9874	0.07541	
Wendell Moore Jr.	SF	20	29	0.14125478	0.1512365478	0.14412365987	0.6654123	0.0005412	0.33012365	0.78874563	0.007012365	-0.13654123	0.1174563	0.02025412	0.0754123	0.02625412	0.07541236	0.0123654	0.28874	4.7412	0.07141	
Xavier Tillman	PF	23	70	0.45123698	0.1512365478	0.14412365987	0.7854123	0.0018745	0.41236547	0.95412365	0.009874563	-0.16542136	0.1412365	0.02541236	0.0912365	0.03125478	0.09123654	0.0152147	0.35412	5.6321	0.08541	
Yuta Watanabe	SF	27	38	0.24125478	0.1412365478	0.13874563214	0.7054123	0.0009412	0.35874563	0.84541236	0.008012365	-0.14654123	0.1254123	0.02187456	0.0812365	0.02812365	0.08123654	0.0133654	0.30874	5.0541	0.07654	
Zeke Nnaji	PF	21	41	0.31236547	0.1512365478	0.14412365987	0.7387456	0.0012012	0.38141236	0.89012365	0.008654123	-0.15312365	0.1301236	0.02287456	0.0847412	0.02921236	0.08474123	0.0140125	0.32365	5.2541	0.07965	
